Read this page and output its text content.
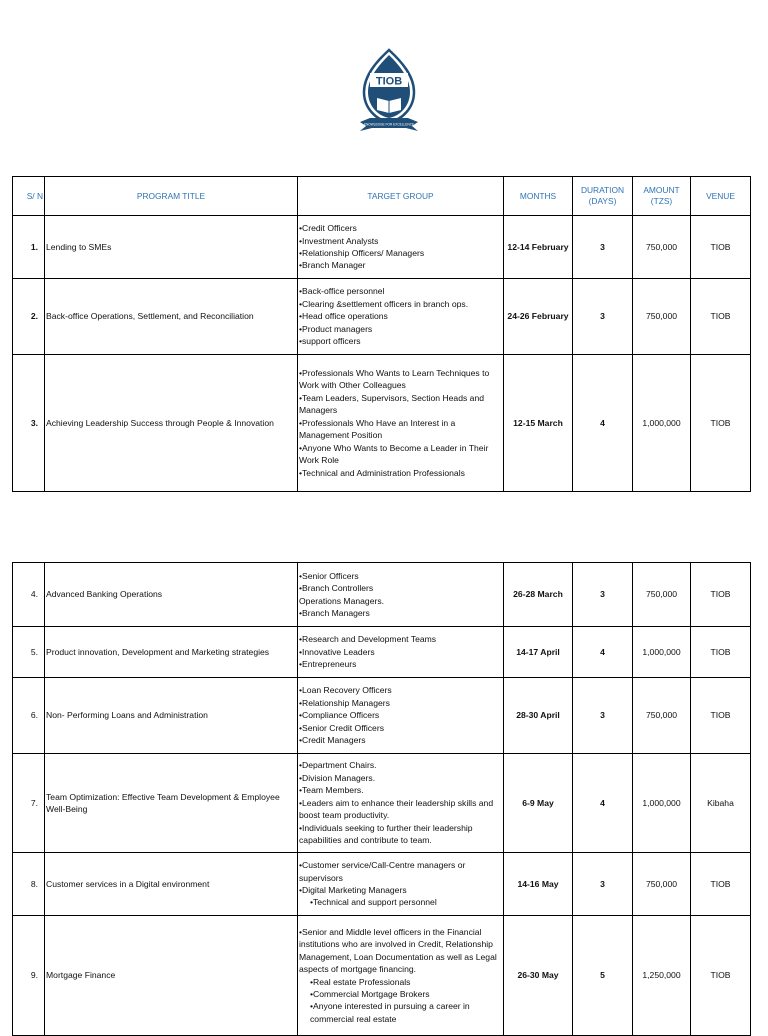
TIOB
KNOWLEDGE FOR EXCELLENCE
S/ N	PROGRAM TITLE	TARGET GROUP	MONTHS	DURATION (DAYS)	AMOUNT (TZS)	VENUE
1.	Lending to SMEs	•Credit Officers
•Investment Analysts
•Relationship Officers/ Managers
•Branch Manager	12-14 February	3	750,000	TIOB
2.	Back-office Operations, Settlement, and Reconciliation	•Back-office personnel
•Clearing &settlement officers in branch ops.
•Head office operations
•Product managers
•support officers	24-26 February	3	750,000	TIOB
3.	Achieving Leadership Success through People & Innovation	•Professionals Who Wants to Learn Techniques to Work with Other Colleagues
•Team Leaders, Supervisors, Section Heads and Managers
•Professionals Who Have an Interest in a Management Position
•Anyone Who Wants to Become a Leader in Their Work Role
•Technical and Administration Professionals	12-15 March	4	1,000,000	TIOB
4.	Advanced Banking Operations	•Senior Officers
•Branch Controllers
Operations Managers.
•Branch Managers	26-28 March	3	750,000	TIOB
5.	Product innovation, Development and Marketing strategies	•Research and Development Teams
•Innovative Leaders
•Entrepreneurs	14-17 April	4	1,000,000	TIOB
6.	Non- Performing Loans and Administration	•Loan Recovery Officers
•Relationship Managers
•Compliance Officers
•Senior Credit Officers
•Credit Managers	28-30 April	3	750,000	TIOB
7.	Team Optimization: Effective Team Development & Employee Well-Being	•Department Chairs.
•Division Managers.
•Team Members.
•Leaders aim to enhance their leadership skills and boost team productivity.
•Individuals seeking to further their leadership capabilities and contribute to team.	6-9 May	4	1,000,000	Kibaha
8.	Customer services in a Digital environment	•Customer service/Call-Centre managers or supervisors
•Digital Marketing Managers
•Technical and support personnel	14-16 May	3	750,000	TIOB
9.	Mortgage Finance	•Senior and Middle level officers in the Financial institutions who are involved in Credit, Relationship Management, Loan Documentation as well as Legal aspects of mortgage financing.
•Real estate Professionals
•Commercial Mortgage Brokers
•Anyone interested in pursuing a career in commercial real estate	26-30 May	5	1,250,000	TIOB
